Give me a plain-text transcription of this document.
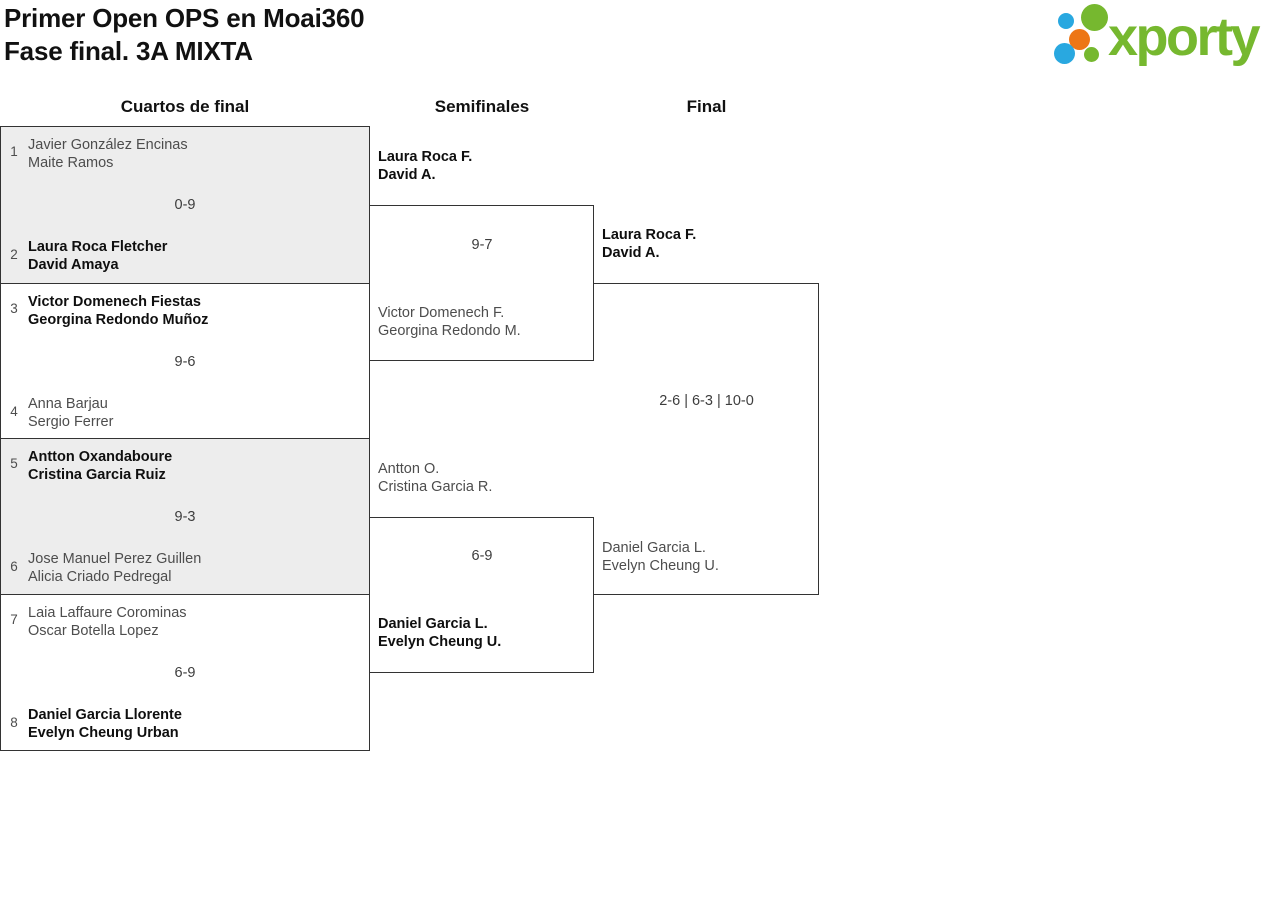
Primer Open OPS en Moai360
Fase final. 3A MIXTA	xporty
Cuartos de final	Semifinales	Final
1 Javier González Encinas
Maite Ramos
0-9
2 Laura Roca Fletcher
David Amaya
3 Victor Domenech Fiestas
Georgina Redondo Muñoz
9-6
4 Anna Barjau
Sergio Ferrer
5 Antton Oxandaboure
Cristina Garcia Ruiz
9-3
6 Jose Manuel Perez Guillen
Alicia Criado Pedregal
7 Laia Laffaure Corominas
Oscar Botella Lopez
6-9
8 Daniel Garcia Llorente
Evelyn Cheung Urban
Laura Roca F.
David A.
9-7
Victor Domenech F.
Georgina Redondo M.
Antton O.
Cristina Garcia R.
6-9
Daniel Garcia L.
Evelyn Cheung U.
Laura Roca F.
David A.
2-6 | 6-3 | 10-0
Daniel Garcia L.
Evelyn Cheung U.
